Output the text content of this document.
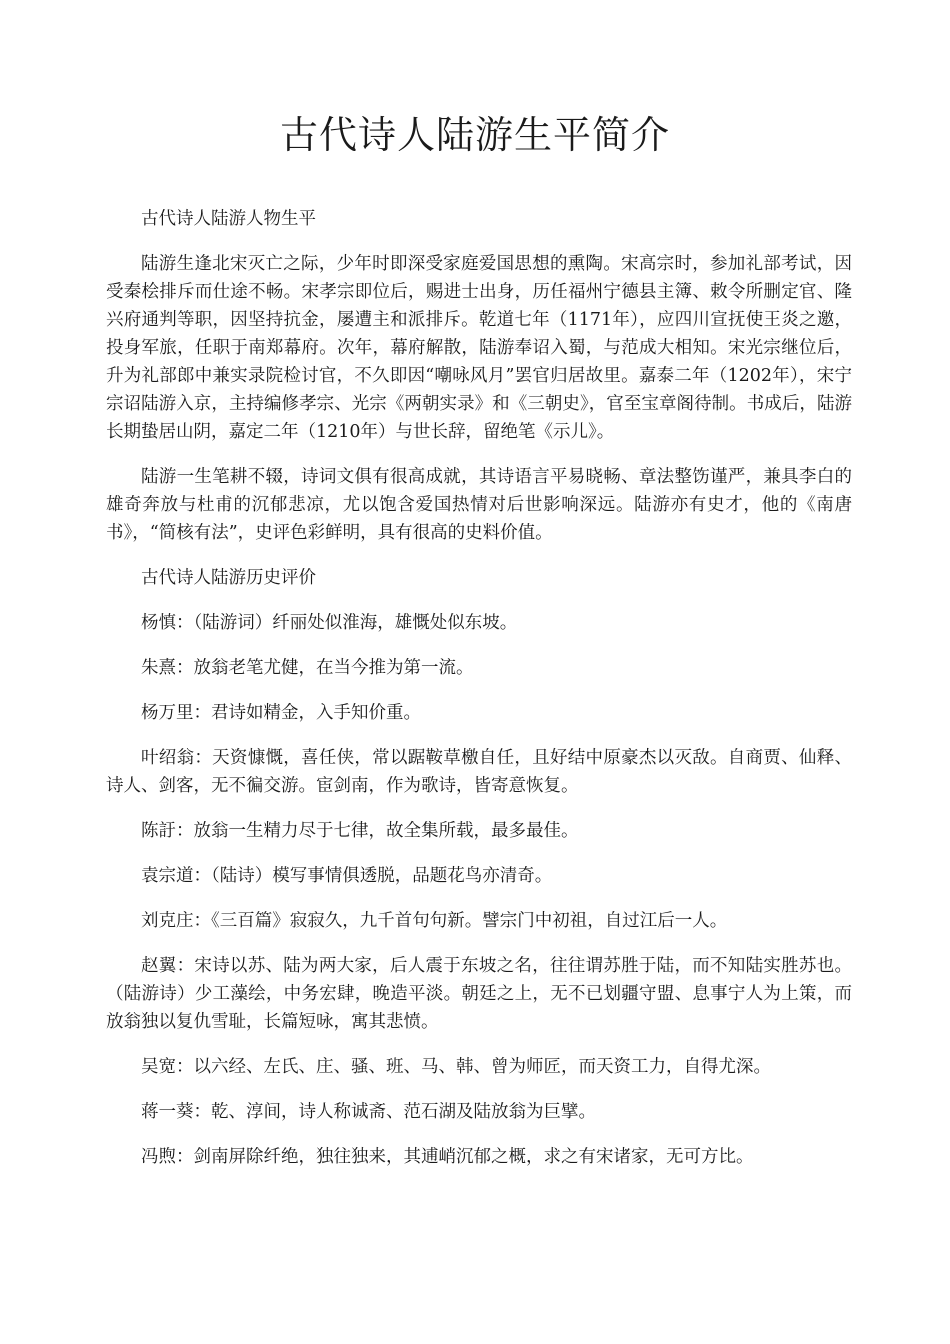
古代诗人陆游生平简介

古代诗人陆游人物生平

陆游生逢北宋灭亡之际，少年时即深受家庭爱国思想的熏陶。宋高宗时，参加礼部考试，因受秦桧排斥而仕途不畅。宋孝宗即位后，赐进士出身，历任福州宁德县主簿、敕令所删定官、隆兴府通判等职，因坚持抗金，屡遭主和派排斥。乾道七年（1171年），应四川宣抚使王炎之邀，投身军旅，任职于南郑幕府。次年，幕府解散，陆游奉诏入蜀，与范成大相知。宋光宗继位后，升为礼部郎中兼实录院检讨官，不久即因“嘲咏风月”罢官归居故里。嘉泰二年（1202年），宋宁宗诏陆游入京，主持编修孝宗、光宗《两朝实录》和《三朝史》，官至宝章阁待制。书成后，陆游长期蛰居山阴，嘉定二年（1210年）与世长辞，留绝笔《示儿》。

陆游一生笔耕不辍，诗词文俱有很高成就，其诗语言平易晓畅、章法整饬谨严，兼具李白的雄奇奔放与杜甫的沉郁悲凉，尤以饱含爱国热情对后世影响深远。陆游亦有史才，他的《南唐书》，“简核有法”，史评色彩鲜明，具有很高的史料价值。

古代诗人陆游历史评价

杨慎：（陆游词）纤丽处似淮海，雄慨处似东坡。

朱熹：放翁老笔尤健，在当今推为第一流。

杨万里：君诗如精金，入手知价重。

叶绍翁：天资慷慨，喜任侠，常以踞鞍草檄自任，且好结中原豪杰以灭敌。自商贾、仙释、诗人、剑客，无不徧交游。宦剑南，作为歌诗，皆寄意恢复。

陈訏：放翁一生精力尽于七律，故全集所载，最多最佳。

袁宗道：（陆诗）模写事情俱透脱，品题花鸟亦清奇。

刘克庄：《三百篇》寂寂久，九千首句句新。譬宗门中初祖，自过江后一人。

赵翼：宋诗以苏、陆为两大家，后人震于东坡之名，往往谓苏胜于陆，而不知陆实胜苏也。（陆游诗）少工藻绘，中务宏肆，晚造平淡。朝廷之上，无不已划疆守盟、息事宁人为上策，而放翁独以复仇雪耻，长篇短咏，寓其悲愤。

吴宽：以六经、左氏、庄、骚、班、马、韩、曾为师匠，而天资工力，自得尤深。

蒋一葵：乾、淳间，诗人称诚斋、范石湖及陆放翁为巨擘。

冯煦：剑南屏除纤绝，独往独来，其逋峭沉郁之概，求之有宋诸家，无可方比。
